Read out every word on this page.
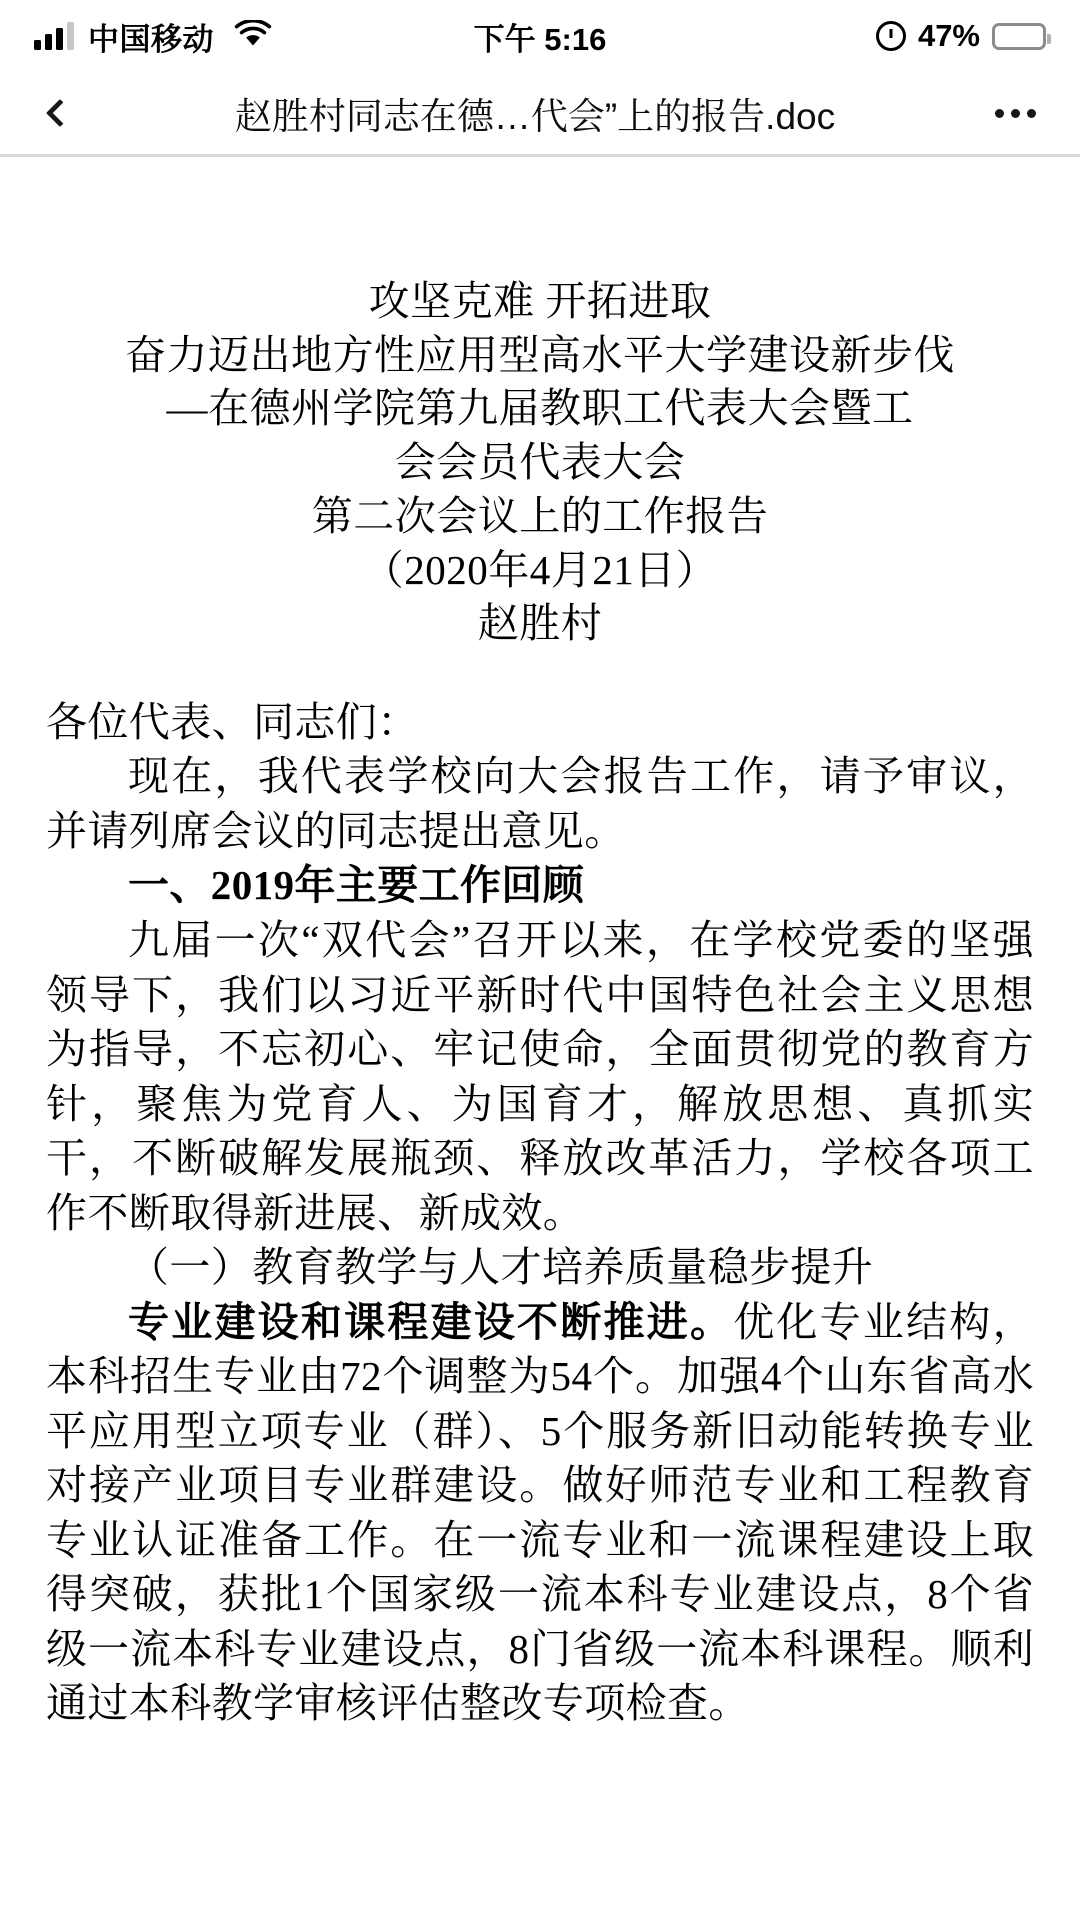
中国移动	下午 5:16	47%
赵胜村同志在德…代会”上的报告.doc
攻坚克难 开拓进取
奋力迈出地方性应用型高水平大学建设新步伐
—在德州学院第九届教职工代表大会暨工
会会员代表大会
第二次会议上的工作报告
（2020年4月21日）
赵胜村

各位代表、同志们：

现在，我代表学校向大会报告工作，请予审议，并请列席会议的同志提出意见。

一、2019年主要工作回顾

九届一次“双代会”召开以来，在学校党委的坚强领导下，我们以习近平新时代中国特色社会主义思想为指导，不忘初心、牢记使命，全面贯彻党的教育方针，聚焦为党育人、为国育才，解放思想、真抓实干，不断破解发展瓶颈、释放改革活力，学校各项工作不断取得新进展、新成效。

（一）教育教学与人才培养质量稳步提升

专业建设和课程建设不断推进。优化专业结构，本科招生专业由72个调整为54个。加强4个山东省高水平应用型立项专业（群）、5个服务新旧动能转换专业对接产业项目专业群建设。做好师范专业和工程教育专业认证准备工作。在一流专业和一流课程建设上取得突破，获批1个国家级一流本科专业建设点，8个省级一流本科专业建设点，8门省级一流本科课程。顺利通过本科教学审核评估整改专项检查。
